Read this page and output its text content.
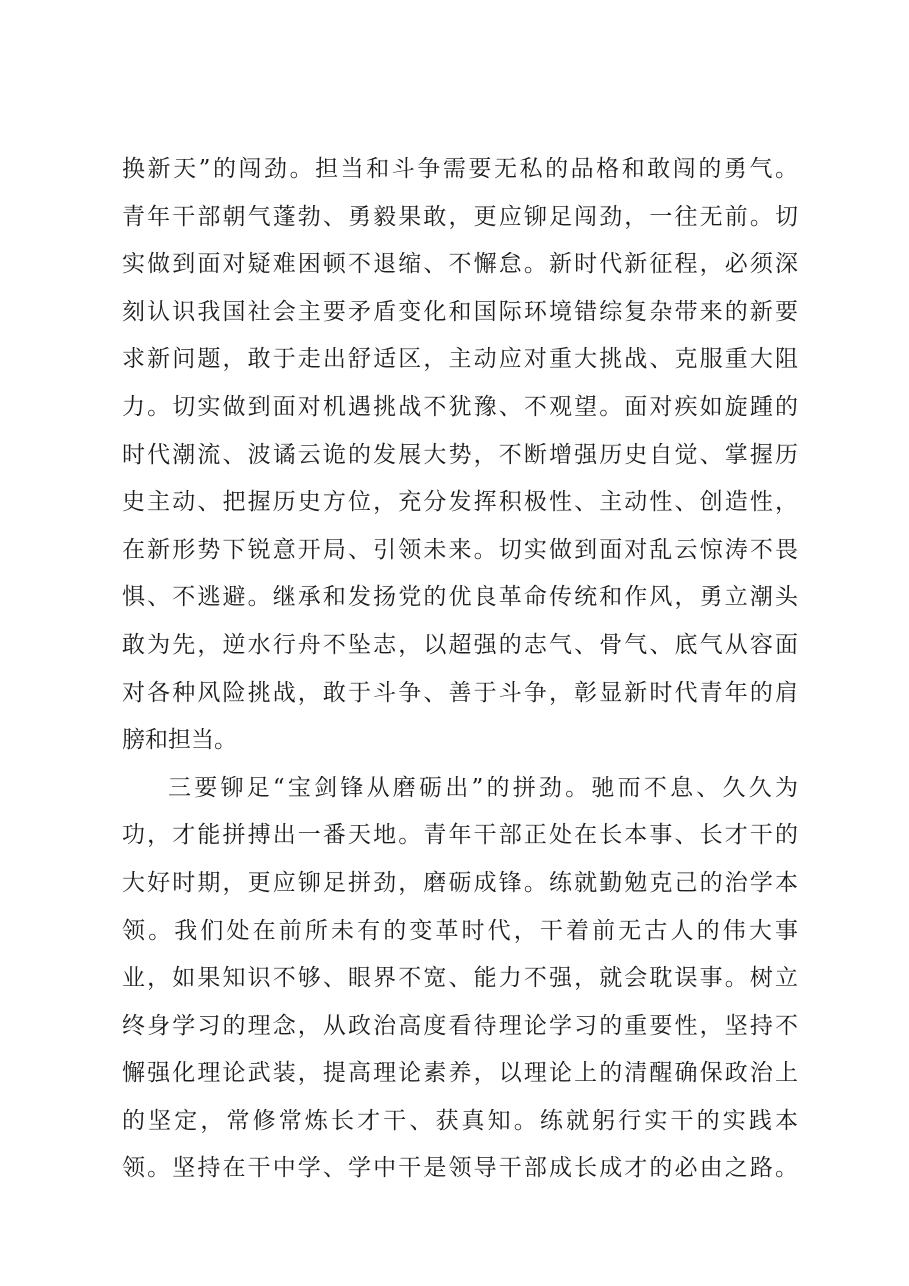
换新天”的闯劲。担当和斗争需要无私的品格和敢闯的勇气。
青年干部朝气蓬勃、勇毅果敢，更应铆足闯劲，一往无前。切
实做到面对疑难困顿不退缩、不懈怠。新时代新征程，必须深
刻认识我国社会主要矛盾变化和国际环境错综复杂带来的新要
求新问题，敢于走出舒适区，主动应对重大挑战、克服重大阻
力。切实做到面对机遇挑战不犹豫、不观望。面对疾如旋踵的
时代潮流、波谲云诡的发展大势，不断增强历史自觉、掌握历
史主动、把握历史方位，充分发挥积极性、主动性、创造性，
在新形势下锐意开局、引领未来。切实做到面对乱云惊涛不畏
惧、不逃避。继承和发扬党的优良革命传统和作风，勇立潮头
敢为先，逆水行舟不坠志，以超强的志气、骨气、底气从容面
对各种风险挑战，敢于斗争、善于斗争，彰显新时代青年的肩
膀和担当。
三要铆足“宝剑锋从磨砺出”的拼劲。驰而不息、久久为
功，才能拼搏出一番天地。青年干部正处在长本事、长才干的
大好时期，更应铆足拼劲，磨砺成锋。练就勤勉克己的治学本
领。我们处在前所未有的变革时代，干着前无古人的伟大事
业，如果知识不够、眼界不宽、能力不强，就会耽误事。树立
终身学习的理念，从政治高度看待理论学习的重要性，坚持不
懈强化理论武装，提高理论素养，以理论上的清醒确保政治上
的坚定，常修常炼长才干、获真知。练就躬行实干的实践本
领。坚持在干中学、学中干是领导干部成长成才的必由之路。
